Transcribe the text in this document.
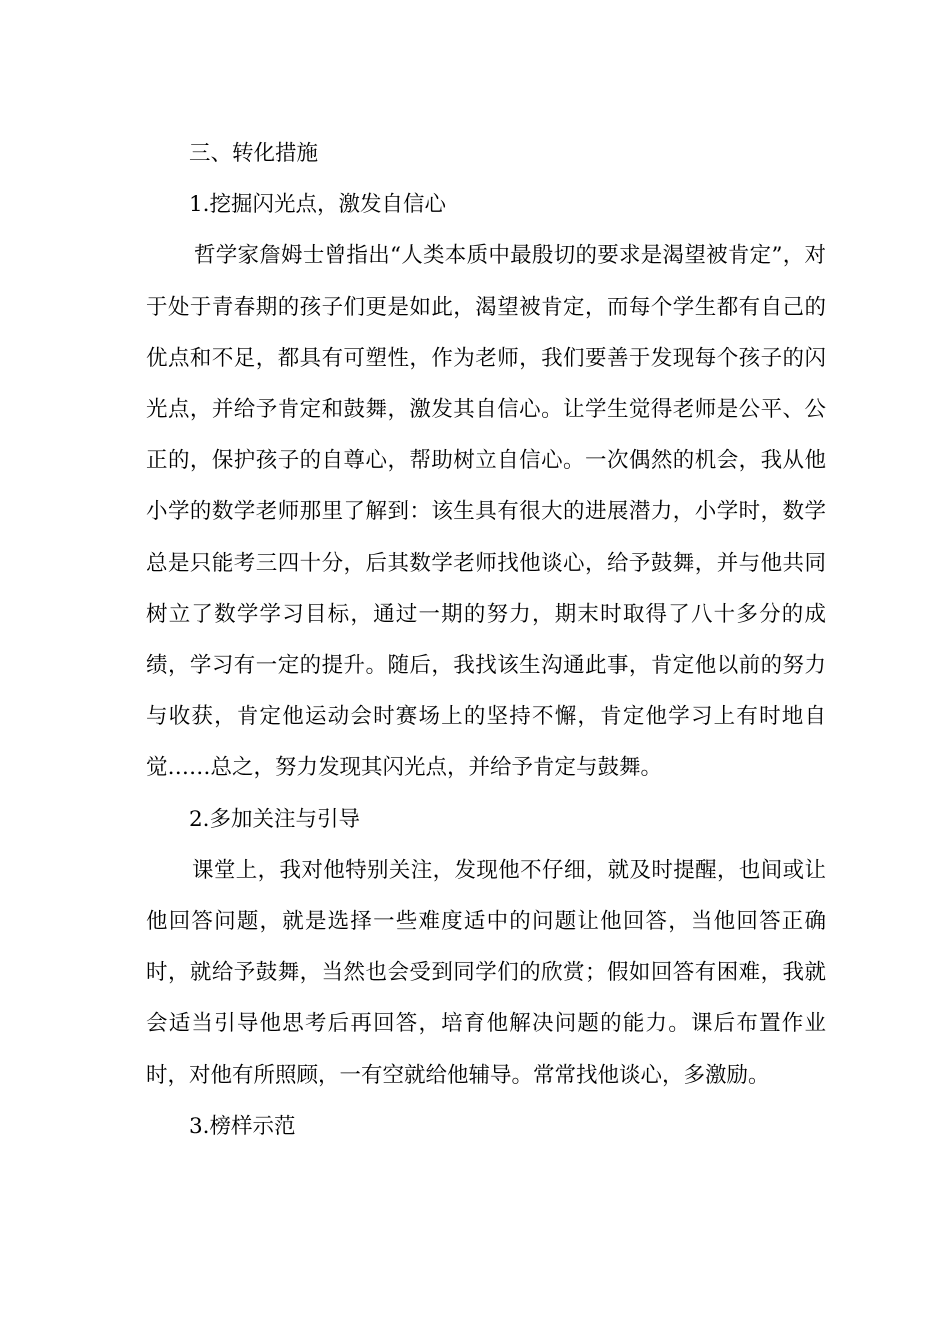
三、转化措施

1.挖掘闪光点，激发自信心

哲学家詹姆士曾指出“人类本质中最殷切的要求是渴望被肯定”，对于处于青春期的孩子们更是如此，渴望被肯定，而每个学生都有自己的优点和不足，都具有可塑性，作为老师，我们要善于发现每个孩子的闪光点，并给予肯定和鼓舞，激发其自信心。让学生觉得老师是公平、公正的，保护孩子的自尊心，帮助树立自信心。一次偶然的机会，我从他小学的数学老师那里了解到：该生具有很大的进展潜力，小学时，数学总是只能考三四十分，后其数学老师找他谈心，给予鼓舞，并与他共同树立了数学学习目标，通过一期的努力，期末时取得了八十多分的成绩，学习有一定的提升。随后，我找该生沟通此事，肯定他以前的努力与收获，肯定他运动会时赛场上的坚持不懈，肯定他学习上有时地自觉……总之，努力发现其闪光点，并给予肯定与鼓舞。

2.多加关注与引导

课堂上，我对他特别关注，发现他不仔细，就及时提醒，也间或让他回答问题，就是选择一些难度适中的问题让他回答，当他回答正确时，就给予鼓舞，当然也会受到同学们的欣赏；假如回答有困难，我就会适当引导他思考后再回答，培育他解决问题的能力。课后布置作业时，对他有所照顾，一有空就给他辅导。常常找他谈心，多激励。

3.榜样示范
